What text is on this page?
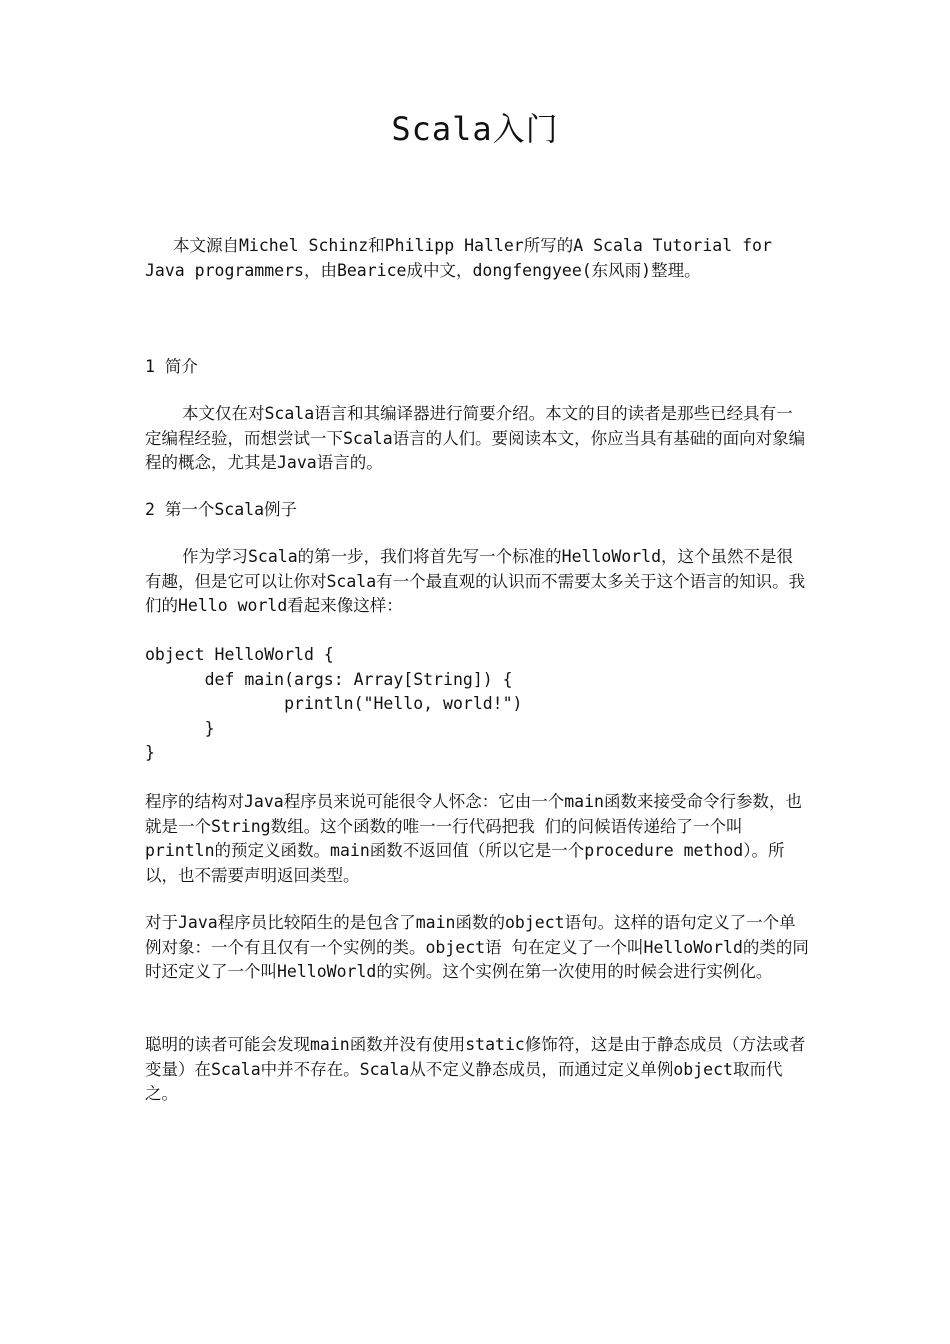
Scala入门

本文源自Michel Schinz和Philipp Haller所写的A Scala Tutorial for Java programmers，由Bearice成中文，dongfengyee(东风雨)整理。

1 简介

本文仅在对Scala语言和其编译器进行简要介绍。本文的目的读者是那些已经具有一定编程经验，而想尝试一下Scala语言的人们。要阅读本文，你应当具有基础的面向对象编程的概念，尤其是Java语言的。

2 第一个Scala例子

作为学习Scala的第一步，我们将首先写一个标准的HelloWorld，这个虽然不是很有趣，但是它可以让你对Scala有一个最直观的认识而不需要太多关于这个语言的知识。我们的Hello world看起来像这样：

object HelloWorld {
def main(args: Array[String]) {
println("Hello, world!")
}
}

程序的结构对Java程序员来说可能很令人怀念：它由一个main函数来接受命令行参数，也就是一个String数组。这个函数的唯一一行代码把我 们的问候语传递给了一个叫println的预定义函数。main函数不返回值（所以它是一个procedure method）。所以，也不需要声明返回类型。

对于Java程序员比较陌生的是包含了main函数的object语句。这样的语句定义了一个单例对象：一个有且仅有一个实例的类。object语 句在定义了一个叫HelloWorld的类的同时还定义了一个叫HelloWorld的实例。这个实例在第一次使用的时候会进行实例化。

聪明的读者可能会发现main函数并没有使用static修饰符，这是由于静态成员（方法或者变量）在Scala中并不存在。Scala从不定义静态成员，而通过定义单例object取而代之。
